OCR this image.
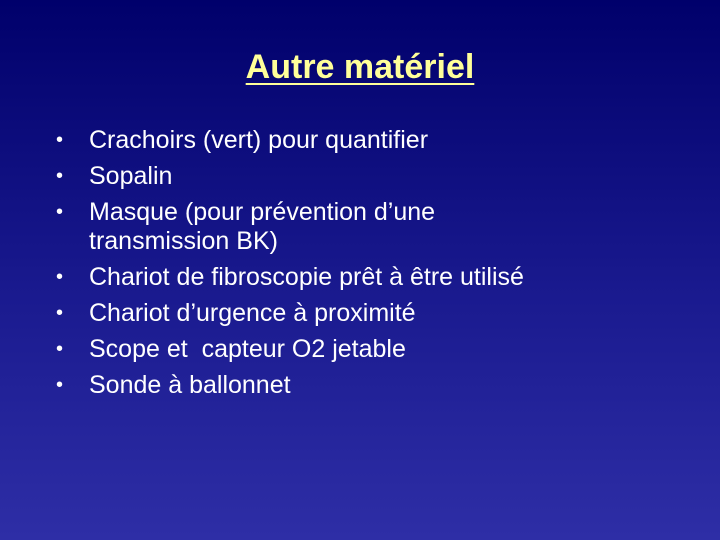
Autre matériel
• Crachoirs (vert) pour quantifier
• Sopalin
• Masque (pour prévention d’une transmission BK)
• Chariot de fibroscopie prêt à être utilisé
• Chariot d’urgence à proximité
• Scope et  capteur O2 jetable
• Sonde à ballonnet
